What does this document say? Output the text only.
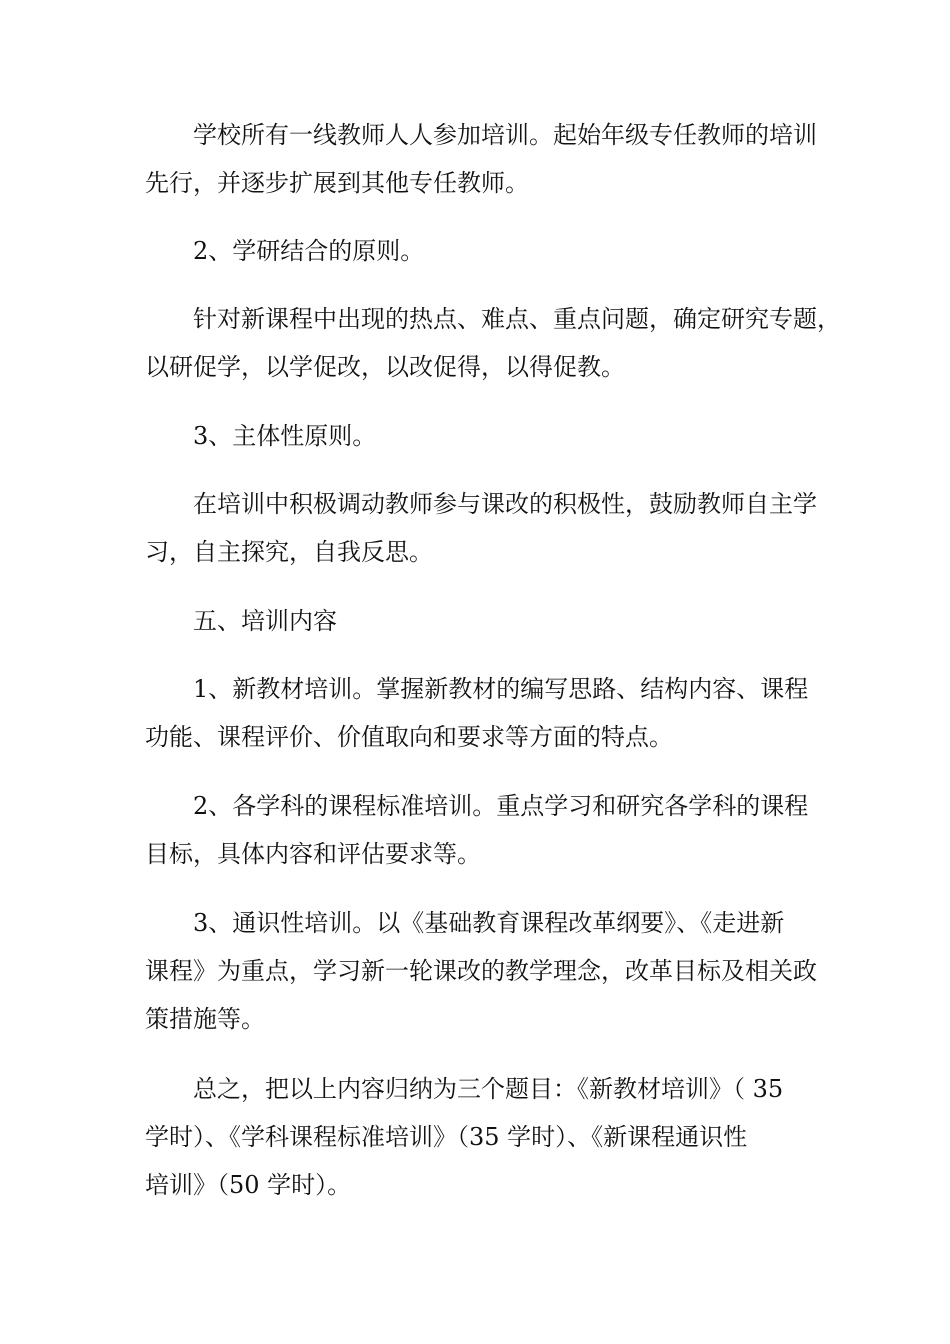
学校所有一线教师人人参加培训。起始年级专任教师的培训
先行，并逐步扩展到其他专任教师。

2、学研结合的原则。

针对新课程中出现的热点、难点、重点问题，确定研究专题，
以研促学，以学促改，以改促得，以得促教。

3、主体性原则。

在培训中积极调动教师参与课改的积极性，鼓励教师自主学
习，自主探究，自我反思。

五、培训内容

1、新教材培训。掌握新教材的编写思路、结构内容、课程
功能、课程评价、价值取向和要求等方面的特点。

2、各学科的课程标准培训。重点学习和研究各学科的课程
目标，具体内容和评估要求等。

3、通识性培训。以《基础教育课程改革纲要》、《走进新
课程》为重点，学习新一轮课改的教学理念，改革目标及相关政
策措施等。

总之，把以上内容归纳为三个题目：《新教材培训》（ 35
学时）、《学科课程标准培训》（35 学时）、《新课程通识性
培训》（50 学时）。
